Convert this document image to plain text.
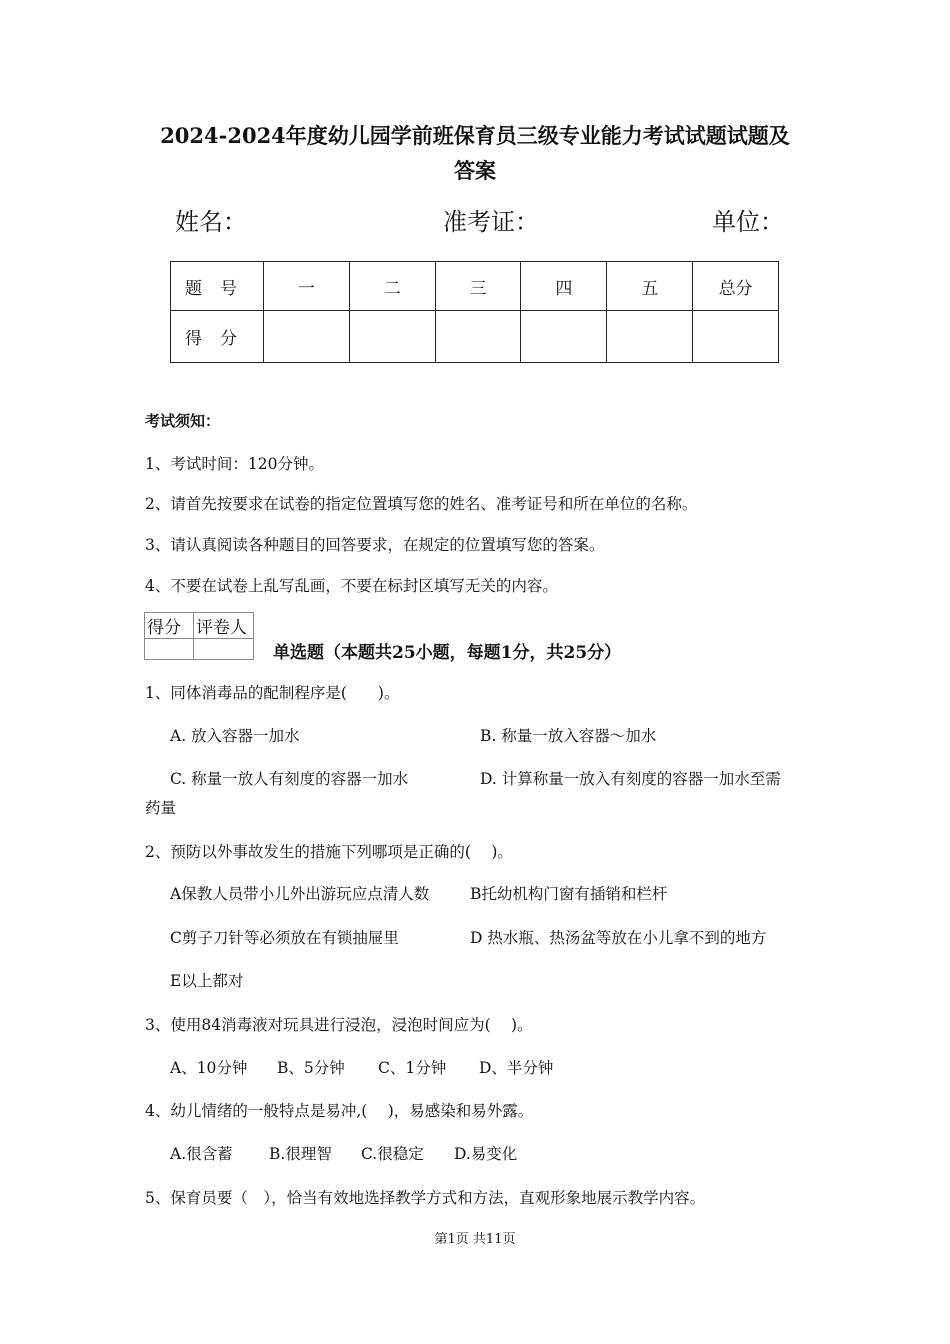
2024-2024年度幼儿园学前班保育员三级专业能力考试试题试题及
答案
姓名：	准考证：	单位：
题号	一	二	三	四	五	总分
得分						
考试须知：
1、考试时间：120分钟。
2、请首先按要求在试卷的指定位置填写您的姓名、准考证号和所在单位的名称。
3、请认真阅读各种题目的回答要求，在规定的位置填写您的答案。
4、不要在试卷上乱写乱画，不要在标封区填写无关的内容。
得分	评卷人

单选题（本题共25小题，每题1分，共25分）
1、同体消毒品的配制程序是(　　)。
A. 放入容器一加水	B. 称量一放入容器～加水
C. 称量一放人有刻度的容器一加水	D. 计算称量一放入有刻度的容器一加水至需
药量
2、预防以外事故发生的措施下列哪项是正确的(　 )。
A保教人员带小儿外出游玩应点清人数	B托幼机构门窗有插销和栏杆
C剪子刀针等必须放在有锁抽屉里	D 热水瓶、热汤盆等放在小儿拿不到的地方
E以上都对
3、使用84消毒液对玩具进行浸泡，浸泡时间应为(　 )。
A、10分钟 B、5分钟 C、1分钟 D、半分钟
4、幼儿情绪的一般特点是易冲,(　 )，易感染和易外露。
A.很含蓄 B.很理智 C.很稳定 D.易变化
5、保育员要（　），恰当有效地选择教学方式和方法，直观形象地展示教学内容。
第1页 共11页
